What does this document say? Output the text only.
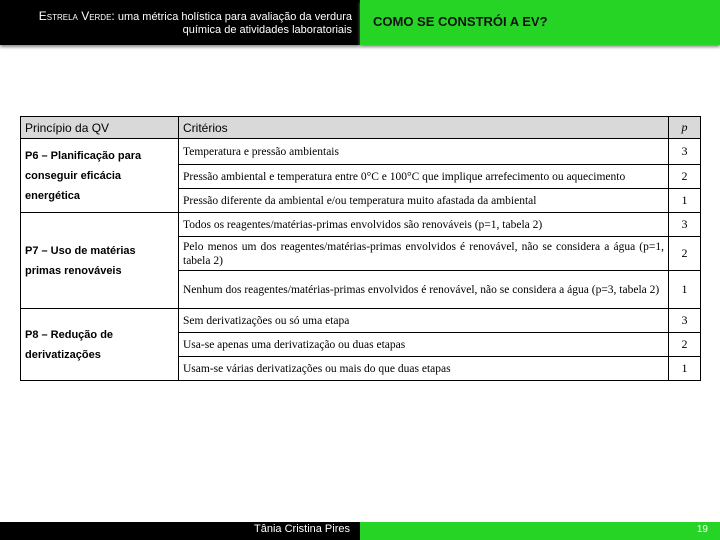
Estrela Verde: uma métrica holística para avaliação da verdura
química de atividades laboratoriais
COMO SE CONSTRÓI A EV?
Princípio da QV	Critérios	p
P6 – Planificação para conseguir eficácia energética	Temperatura e pressão ambientais	3
	Pressão ambiental e temperatura entre 0°C e 100°C que implique arrefecimento ou aquecimento	2
	Pressão diferente da ambiental e/ou temperatura muito afastada da ambiental	1
P7 – Uso de matérias primas renováveis	Todos os reagentes/matérias-primas envolvidos são renováveis (p=1, tabela 2)	3
	Pelo menos um dos reagentes/matérias-primas envolvidos é renovável, não se considera a água (p=1, tabela 2)	2
	Nenhum dos reagentes/matérias-primas envolvidos é renovável, não se considera a água (p=3, tabela 2)	1
P8 – Redução de derivatizações	Sem derivatizações ou só uma etapa	3
	Usa-se apenas uma derivatização ou duas etapas	2
	Usam-se várias derivatizações ou mais do que duas etapas	1
Tânia Cristina Pires	19
